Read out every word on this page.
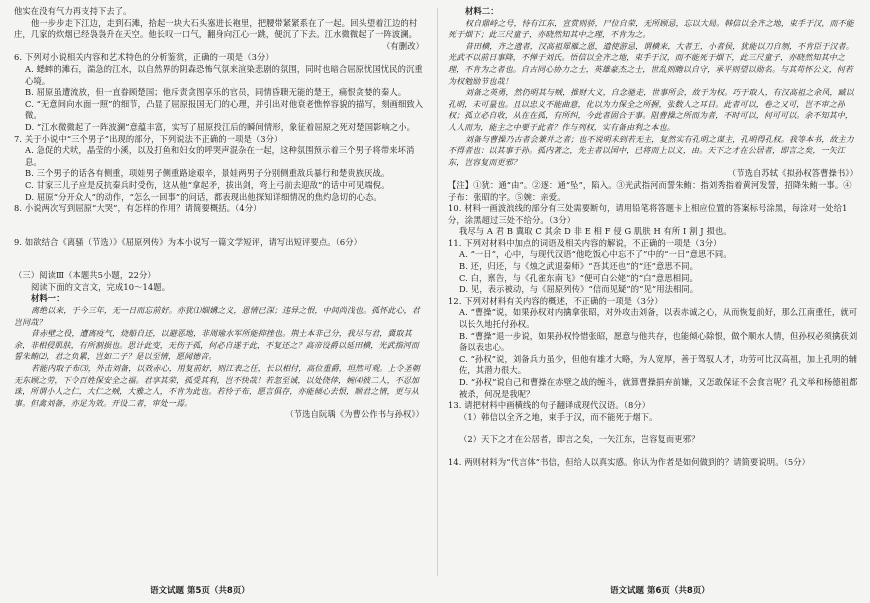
他实在没有气力再支持下去了。

他一步步走下江边，走到石滩，拾起一块大石头塞进长袍里，把腰带紧紧系在了一起。回头望着江边的村庄，几家的炊烟已经袅袅升在天空。他长叹一口气，翻身向江心一跳，便沉了下去。江水微微起了一阵波澜。

（有删改）

6. 下列对小说相关内容和艺术特色的分析鉴赏，正确的一项是（3分）

A. 蟋蟀的滩石，湍急的江水，以自然界的阴森恐怖气氛来渲染悲剧的氛围，同时也暗合屈原忧国忧民的沉重心境。

B. 屈原虽遭流放，但一直眷顾楚国；他斥责贪图享乐的官员，同情昏聩无能的楚王，痛恨贪婪的秦人。

C. “无意间向水面一照”的细节，凸显了屈原报国无门的心理，并引出对他衰老憔悴容貌的描写，刻画细致入微。

D. “江水微微起了一阵波澜”意蕴丰富，实写了屈原投江后的瞬间情形，象征着屈原之死对楚国影响之小。

7. 关于小说中“三个男子”出现的部分，下列说法不正确的一项是（3分）

A. 急促的犬吠，晶莹的小溪，以及打鱼和妇女的呼哭声混杂在一起，这种氛围预示着三个男子将带来坏消息。

B. 三个男子的话各有侧重，项娃男子侧重路途艰辛，景娃两男子分别侧重敌兵暴行和楚贵族厌战。

C. 甘家三儿子应是反抗秦兵时受伤，这从他“拿起矛，拔出剑，弯上弓前去迎敌”的话中可见端倪。

D. 屈原“分开众人”的动作，“怎么一回事”的问话，都表现出他探知详细情况的焦灼急切的心态。

8. 小说两次写到屈原“大哭”，有怎样的作用？请简要概括。（4分）

9. 如欲结合《离骚（节选）》《屈原列传》为本小说写一篇文学短评，请写出短评要点。（6分）

（三）阅读Ⅲ（本题共5小题，22分）

阅读下面的文言文，完成10～14题。

材料一：

离绝以来，于今三年，无一日而忘前好。亦犹⑴姻媾之义，恩情已深；违异之恨，中间尚浅也。孤怀此心，君岂同哉？

昔赤壁之役，遭离疫气，烧船自还，以避恶地，非周瑜水军所能抑挫也。荆土本非己分，我尽与君，冀取其余，非相侵肌肤，有所割损也。思计此变，无伤于孤，何必自遂于此，不复还之？高帝设爵以延田横，光武指河而誓朱鲔⑵，君之负累，岂如二子？是以至情，愿闻德音。

若能内取子布⑶，外击刘备，以效赤心，用复前好，则江表之任，长以相付，高位重爵，坦然可观。上令圣朝无东顾之劳，下令百姓保安全之福。君享其荣，孤受其利，岂不快哉！若忽至诚，以处侥倖，婉⑷彼二人，不忍加诛，所谓小人之仁，大仁之贼，大雅之人，不肯为此也。若怜子布，愿言俱存，亦能倾心去恨，顺君之情，更与从事。但禽刘备，亦足为效。开设二者，审处一焉。

（节选自阮瑀《为曹公作书与孙权》）

材料二：

权自鼎峙之号，恃有江东，宣赏则骄，尸位自荣，无所顾忌，忘以大局。韩信以全齐之地，束手于汉，而不能死于烟下；此三尺童子，亦晓然知其中之理，不肯为之。

昔田横，齐之遗者，汉高祖犀雁之恩，遣使游忌，谓横来，大者王，小者侯，犹能以刀自刎，不肯臣于汉者。光武不以前日事降，不惮于刘氏。悟信以全齐之地，束手于汉，而不能死于烟下，此三尺童子，亦晓然知其中之理，不肯为之者也。自古同心协力之士，英雄豪杰之士，世乱则瞻以自守，承平则望以勋名。与其苟怀公义，何若为权勉励节也哉！

刘备之英勇，然仍明其与贼，推财大义，自念驰走，世事所会，故于为权。巧于取人，有汉高祖之余风，臧以孔明，未可量也。且以忠义不能曲意，化以为力保全之所握，张数人之耳目。此者可以，卷之又可，岂不审之孙权；孤立必自收，从在在孤，有所纠，今此者固合于事。阻曹操之所而为者，不时可以，何可可以。余不知其中，人人而为，能主之中要于此者？作与列权，实有备由利之本也。

刘备与曹操乃古者会兼并之者；也不说明未到若无主，复然实有孔明之谋主，孔明得孔权。我等本书，故主力不得者也：以其事于孙。孤内著之，先主者以国中，已将而上以义，由。天下之才在公居者，即言之矣，一矢江东，岂容复而更邪？

（节选自苏轼《拟孙权答曹操书》）

【注】①犹：通“由”。②逐：通“坠”，陷入。③光武指河而誓朱鲔：指刘秀指着黄河发誓，招降朱鲔一事。④子布：张昭的字。⑤婉：亲爱。

10. 材料一画波浪线的部分有三处需要断句，请用铅笔将答题卡上相应位置的答案标号涂黑，每涂对一处给1分，涂黑超过三处不给分。（3分）

我尽与 A 君 B 冀取 C 其余 D 非 E 相 F 侵 G 肌肤 H 有所 I 割 J 损也。

11. 下列对材料中加点的词语及相关内容的解说，不正确的一项是（3分）

A. “一日”，心中，与现代汉语“他吃饭心中忘不了”中的“一日”意思不同。

B. 还，归还，与《烛之武退秦师》“吾其还也”的“还”意思不同。

C. 白，禀告，与《孔雀东南飞》“便可白公姥”的“白”意思相同。

D. 见，表示被动，与《屈原列传》“信而见疑”的“见”用法相同。

12. 下列对材料有关内容的概述，不正确的一项是（3分）

A. “曹操”说，如果孙权对内擒拿张昭，对外攻击刘备，以表赤诚之心，从而恢复前好，那么江南重任，就可以长久地托付孙权。

B. “曹操”退一步说，如果孙权怜惜张昭，愿意与他共存，也能倾心除恨，做个顺水人情，但孙权必须擒获刘备以表忠心。

C. “孙权”说，刘备兵力虽少，但他有雄才大略，为人宽厚，善于驾驭人才，功劳可比汉高祖，加上孔明的辅佐，其潜力很大。

D. “孙权”说自己和曹操在赤壁之战的缠斗，就算曹操捐弃前嫌，又怎敢保证不会食言呢？孔文举和杨德祖都被杀，何况是我呢？

13. 请把材料中画横线的句子翻译成现代汉语。（8分）

（1）韩信以全齐之地，束手于汉，而不能死于烟下。

（2）天下之才在公居者，即言之矣，一矢江东，岂容复而更邪？

14. 两则材料为“代言体”书信，但给人以真实感。你认为作者是如何做到的？请简要说明。（5分）

语文试题 第5页（共8页）	语文试题 第6页（共8页）
